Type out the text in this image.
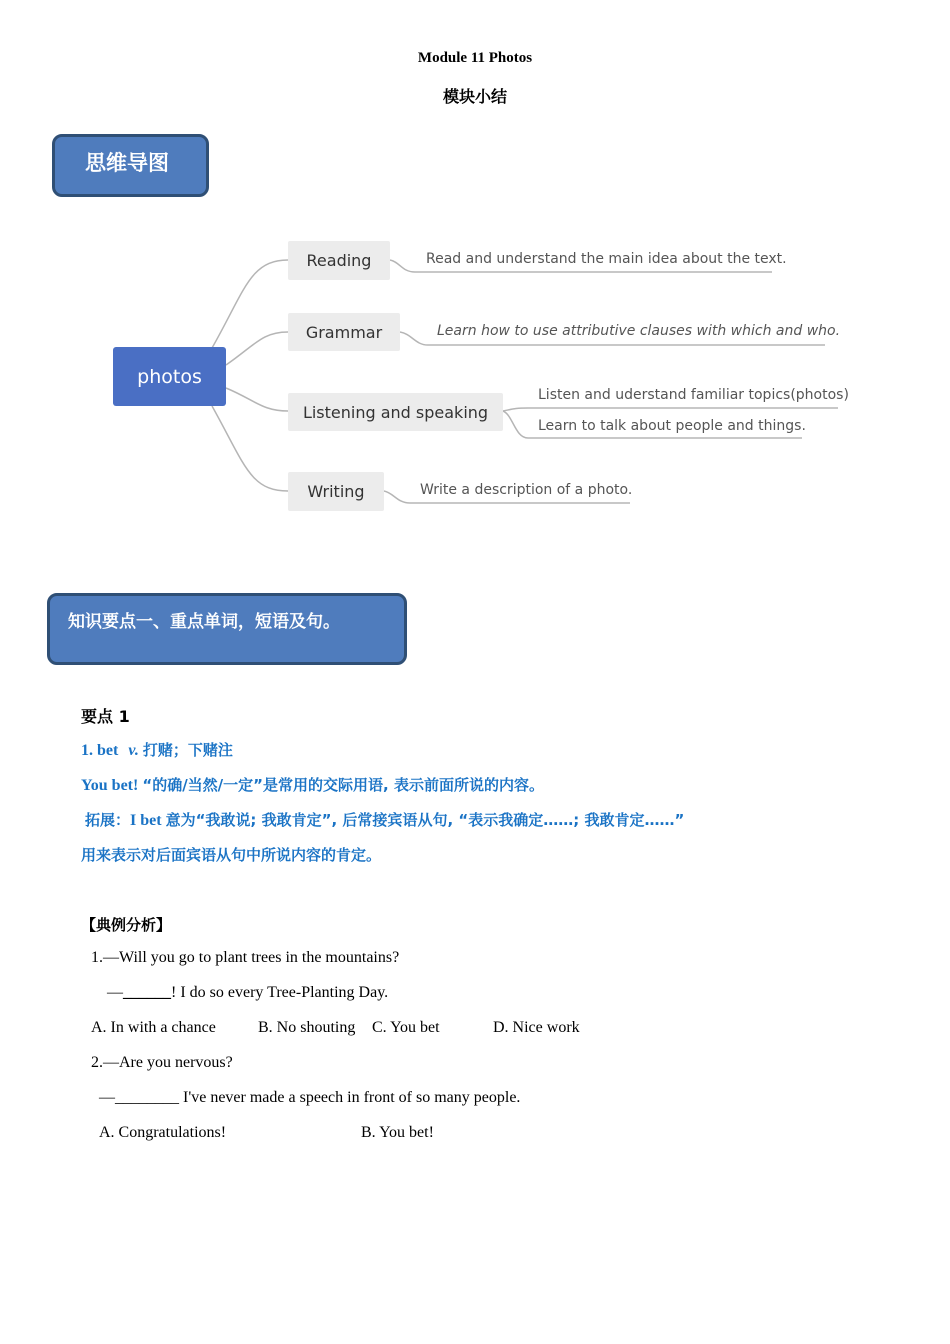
Module 11 Photos
模块小结
思维导图
photos
Reading
Grammar
Listening and speaking
Writing
Read and understand the main idea about the text.
Learn how to use attributive clauses with which and who.
Listen and uderstand familiar topics(photos)
Learn to talk about people and things.
Write a description of a photo.
知识要点一、重点单词，短语及句。
要点 1
1. bet v. 打赌；下赌注
You bet! “的确/当然/一定”是常用的交际用语, 表示前面所说的内容。
拓展：I bet 意为“我敢说; 我敢肯定”, 后常接宾语从句, “表示我确定……; 我敢肯定……”
用来表示对后面宾语从句中所说内容的肯定。
【典例分析】
1.—Will you go to plant trees in the mountains?
—______! I do so every Tree-Planting Day.
A. In with a chance	B. No shouting C. You bet	D. Nice work
2.—Are you nervous?
—________ I've never made a speech in front of so many people.
A. Congratulations!	B. You bet!
